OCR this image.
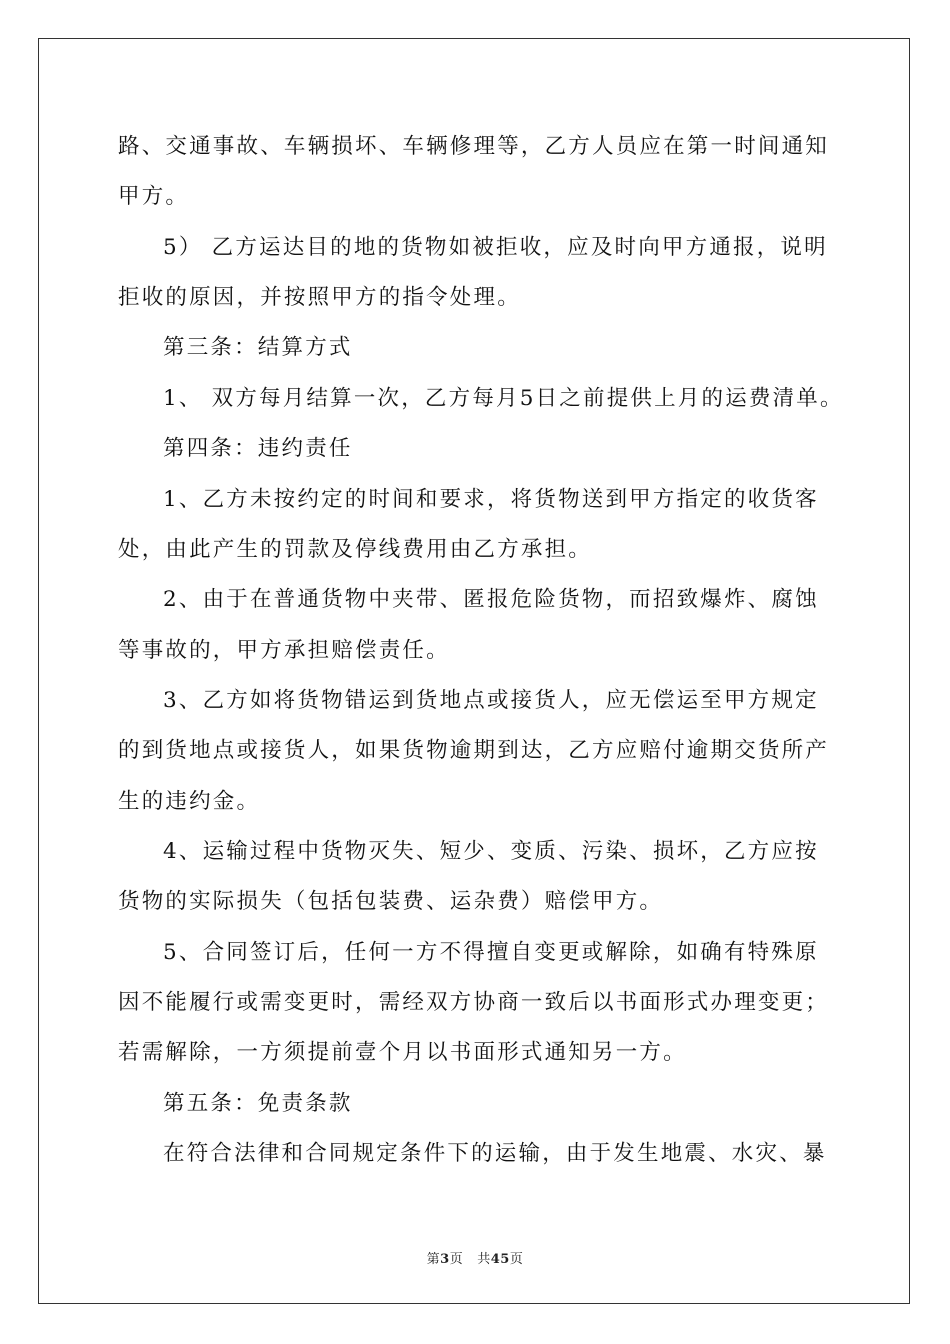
路、交通事故、车辆损坏、车辆修理等，乙方人员应在第一时间通知
甲方。
5） 乙方运达目的地的货物如被拒收，应及时向甲方通报，说明
拒收的原因，并按照甲方的指令处理。
第三条：结算方式
1、 双方每月结算一次，乙方每月5日之前提供上月的运费清单。
第四条：违约责任
1、乙方未按约定的时间和要求，将货物送到甲方指定的收货客
处，由此产生的罚款及停线费用由乙方承担。
2、由于在普通货物中夹带、匿报危险货物，而招致爆炸、腐蚀
等事故的，甲方承担赔偿责任。
3、乙方如将货物错运到货地点或接货人，应无偿运至甲方规定
的到货地点或接货人，如果货物逾期到达，乙方应赔付逾期交货所产
生的违约金。
4、运输过程中货物灭失、短少、变质、污染、损坏，乙方应按
货物的实际损失（包括包装费、运杂费）赔偿甲方。
5、合同签订后，任何一方不得擅自变更或解除，如确有特殊原
因不能履行或需变更时，需经双方协商一致后以书面形式办理变更；
若需解除，一方须提前壹个月以书面形式通知另一方。
第五条：免责条款
在符合法律和合同规定条件下的运输，由于发生地震、水灾、暴
第3页 共45页
